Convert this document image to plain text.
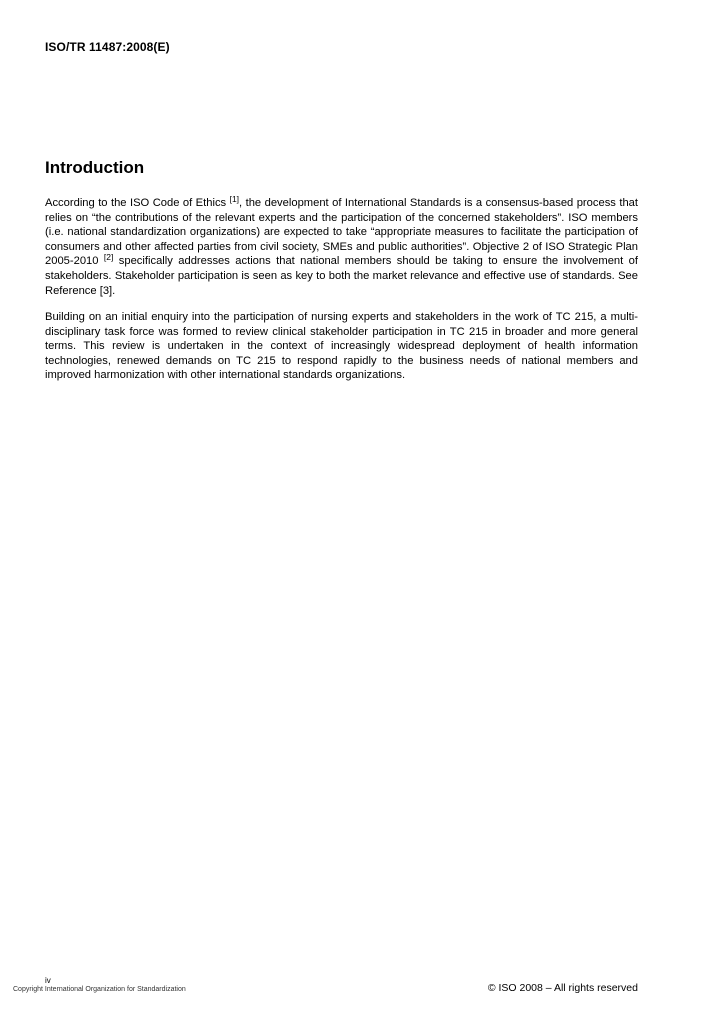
ISO/TR 11487:2008(E)
Introduction

According to the ISO Code of Ethics [1], the development of International Standards is a consensus-based process that relies on “the contributions of the relevant experts and the participation of the concerned stakeholders”. ISO members (i.e. national standardization organizations) are expected to take “appropriate measures to facilitate the participation of consumers and other affected parties from civil society, SMEs and public authorities”. Objective 2 of ISO Strategic Plan 2005-2010 [2] specifically addresses actions that national members should be taking to ensure the involvement of stakeholders. Stakeholder participation is seen as key to both the market relevance and effective use of standards. See Reference [3].

Building on an initial enquiry into the participation of nursing experts and stakeholders in the work of TC 215, a multi-disciplinary task force was formed to review clinical stakeholder participation in TC 215 in broader and more general terms. This review is undertaken in the context of increasingly widespread deployment of health information technologies, renewed demands on TC 215 to respond rapidly to the business needs of national members and improved harmonization with other international standards organizations.

iv
Copyright International Organization for Standardization	© ISO 2008 – All rights reserved
